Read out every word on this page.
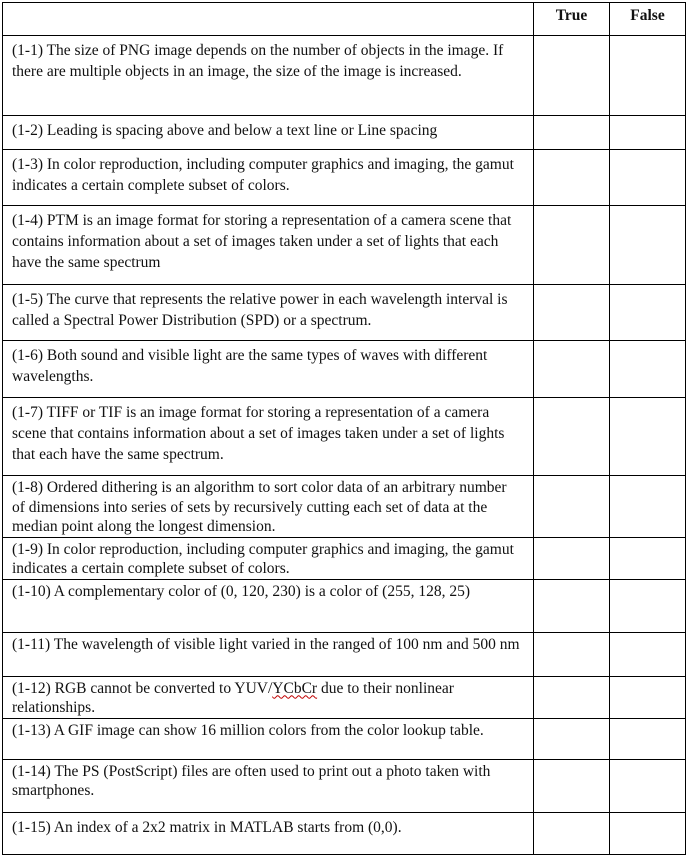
	True	False
(1-1) The size of PNG image depends on the number of objects in the image. If there are multiple objects in an image, the size of the image is increased.	

(1-2) Leading is spacing above and below a text line or Line spacing	

(1-3) In color reproduction, including computer graphics and imaging, the gamut indicates a certain complete subset of colors.	

(1-4) PTM is an image format for storing a representation of a camera scene that contains information about a set of images taken under a set of lights that each have the same spectrum	

(1-5) The curve that represents the relative power in each wavelength interval is called a Spectral Power Distribution (SPD) or a spectrum.	

(1-6) Both sound and visible light are the same types of waves with different wavelengths.	

(1-7) TIFF or TIF is an image format for storing a representation of a camera scene that contains information about a set of images taken under a set of lights that each have the same spectrum.	

(1-8) Ordered dithering is an algorithm to sort color data of an arbitrary number of dimensions into series of sets by recursively cutting each set of data at the median point along the longest dimension.	

(1-9) In color reproduction, including computer graphics and imaging, the gamut indicates a certain complete subset of colors.	

(1-10) A complementary color of (0, 120, 230) is a color of (255, 128, 25)	

(1-11) The wavelength of visible light varied in the ranged of 100 nm and 500 nm	

(1-12) RGB cannot be converted to YUV/YCbCr due to their nonlinear relationships.	

(1-13) A GIF image can show 16 million colors from the color lookup table.	

(1-14) The PS (PostScript) files are often used to print out a photo taken with smartphones.	

(1-15) An index of a 2x2 matrix in MATLAB starts from (0,0).	
